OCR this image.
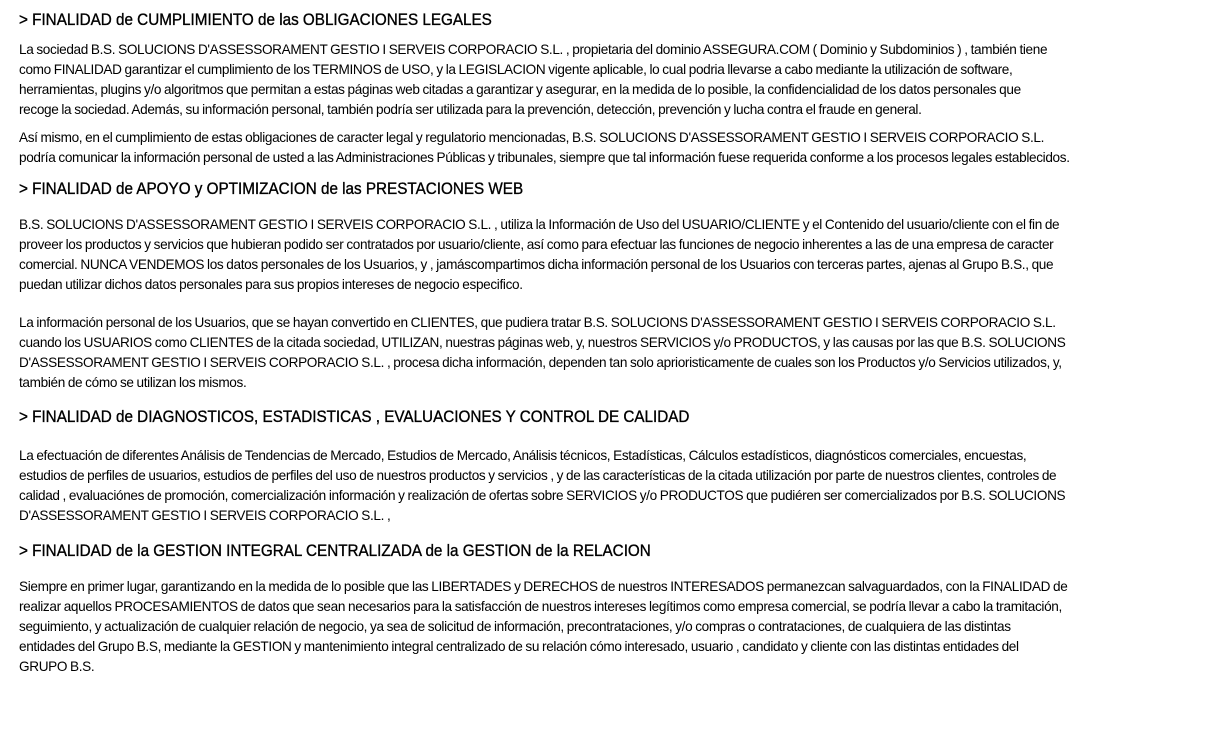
> FINALIDAD de CUMPLIMIENTO de las OBLIGACIONES LEGALES

La sociedad B.S. SOLUCIONS D'ASSESSORAMENT GESTIO I SERVEIS CORPORACIO S.L. , propietaria del dominio ASSEGURA.COM ( Dominio y Subdominios ) , también tiene
como FINALIDAD garantizar el cumplimiento de los TERMINOS de USO, y la LEGISLACION vigente aplicable, lo cual podria llevarse a cabo mediante la utilización de software,
herramientas, plugins y/o algoritmos que permitan a estas páginas web citadas a garantizar y asegurar, en la medida de lo posible, la confidencialidad de los datos personales que
recoge la sociedad. Además, su información personal, también podría ser utilizada para la prevención, detección, prevención y lucha contra el fraude en general.

Así mismo, en el cumplimiento de estas obligaciones de caracter legal y regulatorio mencionadas, B.S. SOLUCIONS D'ASSESSORAMENT GESTIO I SERVEIS CORPORACIO S.L.
podría comunicar la información personal de usted a las Administraciones Públicas y tribunales, siempre que tal información fuese requerida conforme a los procesos legales establecidos.

> FINALIDAD de APOYO y OPTIMIZACION de las PRESTACIONES WEB

B.S. SOLUCIONS D'ASSESSORAMENT GESTIO I SERVEIS CORPORACIO S.L. , utiliza la Información de Uso del USUARIO/CLIENTE y el Contenido del usuario/cliente con el fin de
proveer los productos y servicios que hubieran podido ser contratados por usuario/cliente, así como para efectuar las funciones de negocio inherentes a las de una empresa de caracter
comercial. NUNCA VENDEMOS los datos personales de los Usuarios, y , jamáscompartimos dicha información personal de los Usuarios con terceras partes, ajenas al Grupo B.S., que
puedan utilizar dichos datos personales para sus propios intereses de negocio especifico.

La información personal de los Usuarios, que se hayan convertido en CLIENTES, que pudiera tratar B.S. SOLUCIONS D'ASSESSORAMENT GESTIO I SERVEIS CORPORACIO S.L.
cuando los USUARIOS como CLIENTES de la citada sociedad, UTILIZAN, nuestras páginas web, y, nuestros SERVICIOS y/o PRODUCTOS, y las causas por las que B.S. SOLUCIONS
D'ASSESSORAMENT GESTIO I SERVEIS CORPORACIO S.L. , procesa dicha información, dependen tan solo aprioristicamente de cuales son los Productos y/o Servicios utilizados, y,
también de cómo se utilizan los mismos.

> FINALIDAD de DIAGNOSTICOS, ESTADISTICAS , EVALUACIONES Y CONTROL DE CALIDAD

La efectuación de diferentes Análisis de Tendencias de Mercado, Estudios de Mercado, Análisis técnicos, Estadísticas, Cálculos estadísticos, diagnósticos comerciales, encuestas,
estudios de perfiles de usuarios, estudios de perfiles del uso de nuestros productos y servicios , y de las características de la citada utilización por parte de nuestros clientes, controles de
calidad , evaluaciónes de promoción, comercialización información y realización de ofertas sobre SERVICIOS y/o PRODUCTOS que pudiéren ser comercializados por B.S. SOLUCIONS
D'ASSESSORAMENT GESTIO I SERVEIS CORPORACIO S.L. ,

> FINALIDAD de la GESTION INTEGRAL CENTRALIZADA de la GESTION de la RELACION

Siempre en primer lugar, garantizando en la medida de lo posible que las LIBERTADES y DERECHOS de nuestros INTERESADOS permanezcan salvaguardados, con la FINALIDAD de
realizar aquellos PROCESAMIENTOS de datos que sean necesarios para la satisfacción de nuestros intereses legítimos como empresa comercial, se podría llevar a cabo la tramitación,
seguimiento, y actualización de cualquier relación de negocio, ya sea de solicitud de información, precontrataciones, y/o compras o contrataciones, de cualquiera de las distintas
entidades del Grupo B.S, mediante la GESTION y mantenimiento integral centralizado de su relación cómo interesado, usuario , candidato y cliente con las distintas entidades del
GRUPO B.S.
